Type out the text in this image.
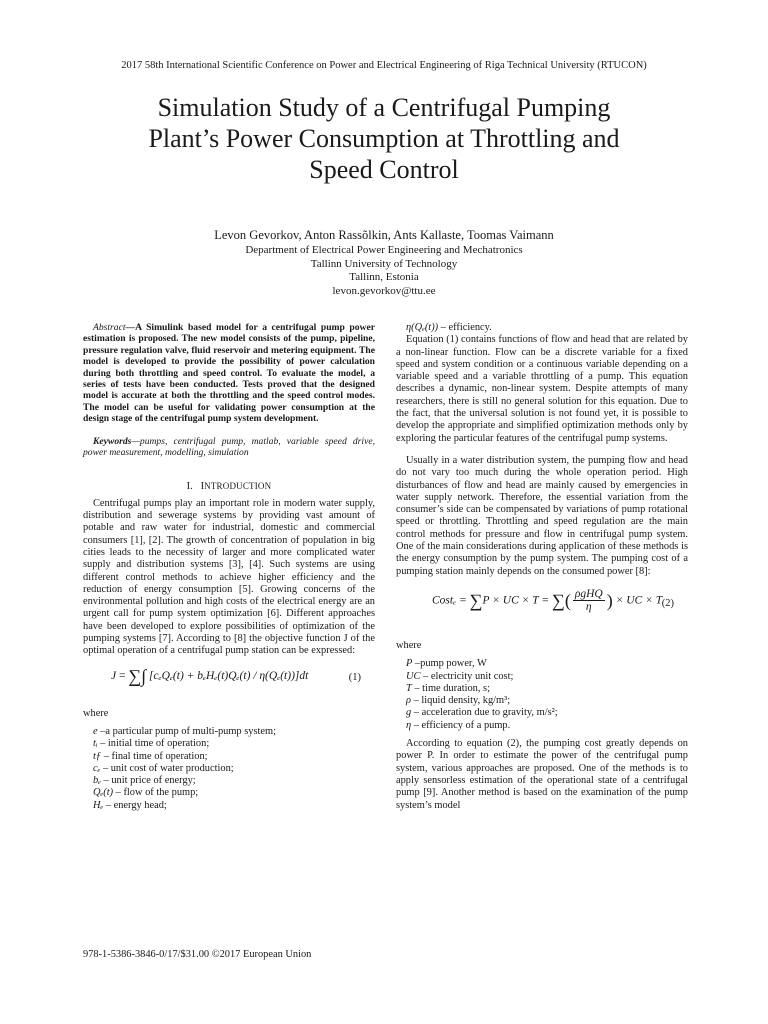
2017 58th International Scientific Conference on Power and Electrical Engineering of Riga Technical University (RTUCON)
Simulation Study of a Centrifugal Pumping
Plant’s Power Consumption at Throttling and
Speed Control
Levon Gevorkov, Anton Rassõlkin, Ants Kallaste, Toomas Vaimann
Department of Electrical Power Engineering and Mechatronics
Tallinn University of Technology
Tallinn, Estonia
levon.gevorkov@ttu.ee

Abstract—A Simulink based model for a centrifugal pump power estimation is proposed. The new model consists of the pump, pipeline, pressure regulation valve, fluid reservoir and metering equipment. The model is developed to provide the possibility of power calculation during both throttling and speed control. To evaluate the model, a series of tests have been conducted. Tests proved that the designed model is accurate at both the throttling and the speed control modes. The model can be useful for validating power consumption at the design stage of the centrifugal pump system development.

Keywords—pumps, centrifugal pump, matlab, variable speed drive, power measurement, modelling, simulation

I. INTRODUCTION

Centrifugal pumps play an important role in modern water supply, distribution and sewerage systems by providing vast amount of potable and raw water for industrial, domestic and commercial consumers [1], [2]. The growth of concentration of population in big cities leads to the necessity of larger and more complicated water supply and distribution systems [3], [4]. Such systems are using different control methods to achieve higher efficiency and the reduction of energy consumption [5]. Growing concerns of the environmental pollution and high costs of the electrical energy are an urgent call for pump system optimization [6]. Different approaches have been developed to explore possibilities of optimization of the pumping systems [7]. According to [8] the objective function J of the optimal operation of a centrifugal pump station can be expressed:

J = ∑∫ [cₑQₑ(t) + bₑHₑ(t)Qₑ(t) / η(Qₑ(t))]dt	(1)

where

e –a particular pump of multi-pump system;
tᵢ – initial time of operation;
tƒ – final time of operation;
cₑ – unit cost of water production;
bₑ – unit price of energy;
Qₑ(t) – flow of the pump;
Hₑ – energy head;

η(Qₑ(t)) – efficiency.

Equation (1) contains functions of flow and head that are related by a non-linear function. Flow can be a discrete variable for a fixed speed and system condition or a continuous variable depending on a variable speed and a variable throttling of a pump. This equation describes a dynamic, non-linear system. Despite attempts of many researchers, there is still no general solution for this equation. Due to the fact, that the universal solution is not found yet, it is possible to develop the appropriate and simplified optimization methods only by exploring the particular features of the centrifugal pump systems.

Usually in a water distribution system, the pumping flow and head do not vary too much during the whole operation period. High disturbances of flow and head are mainly caused by emergencies in water supply network. Therefore, the essential variation from the consumer’s side can be compensated by variations of pump rotational speed or throttling. Throttling and speed regulation are the main control methods for pressure and flow in centrifugal pump system. One of the main considerations during application of these methods is the energy consumption by the pump system. The pumping cost of a pumping station mainly depends on the consumed power [8]:

Costₑ = ∑P × UC × T = ∑( $\frac{\text{ρgHQ}}{\eta}$ ) × UC × T (2)

where

P –pump power, W
UC – electricity unit cost;
T – time duration, s;
ρ – liquid density, kg/m³;
g – acceleration due to gravity, m/s²;
η – efficiency of a pump.

According to equation (2), the pumping cost greatly depends on power P. In order to estimate the power of the centrifugal pump system, various approaches are proposed. One of the methods is to apply sensorless estimation of the operational state of a centrifugal pump [9]. Another method is based on the examination of the pump system’s model

978-1-5386-3846-0/17/$31.00 ©2017 European Union
